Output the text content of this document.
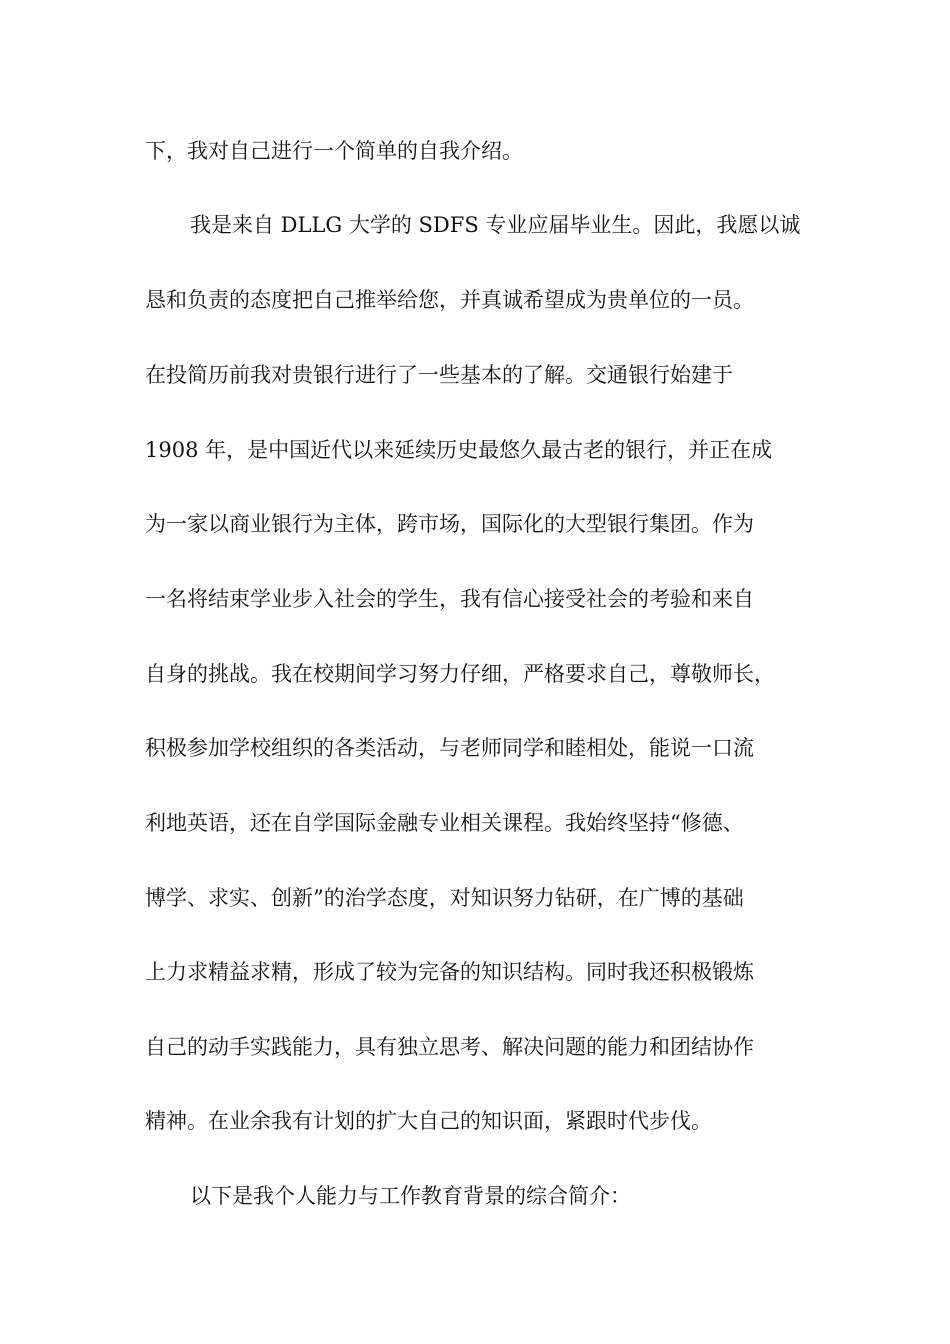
下，我对自己进行一个简单的自我介绍。
我是来自 DLLG 大学的 SDFS 专业应届毕业生。因此，我愿以诚
恳和负责的态度把自己推举给您，并真诚希望成为贵单位的一员。
在投简历前我对贵银行进行了一些基本的了解。交通银行始建于
1908 年，是中国近代以来延续历史最悠久最古老的银行，并正在成
为一家以商业银行为主体，跨市场，国际化的大型银行集团。作为
一名将结束学业步入社会的学生，我有信心接受社会的考验和来自
自身的挑战。我在校期间学习努力仔细，严格要求自己，尊敬师长，
积极参加学校组织的各类活动，与老师同学和睦相处，能说一口流
利地英语，还在自学国际金融专业相关课程。我始终坚持“修德、
博学、求实、创新”的治学态度，对知识努力钻研，在广博的基础
上力求精益求精，形成了较为完备的知识结构。同时我还积极锻炼
自己的动手实践能力，具有独立思考、解决问题的能力和团结协作
精神。在业余我有计划的扩大自己的知识面，紧跟时代步伐。
以下是我个人能力与工作教育背景的综合简介：
